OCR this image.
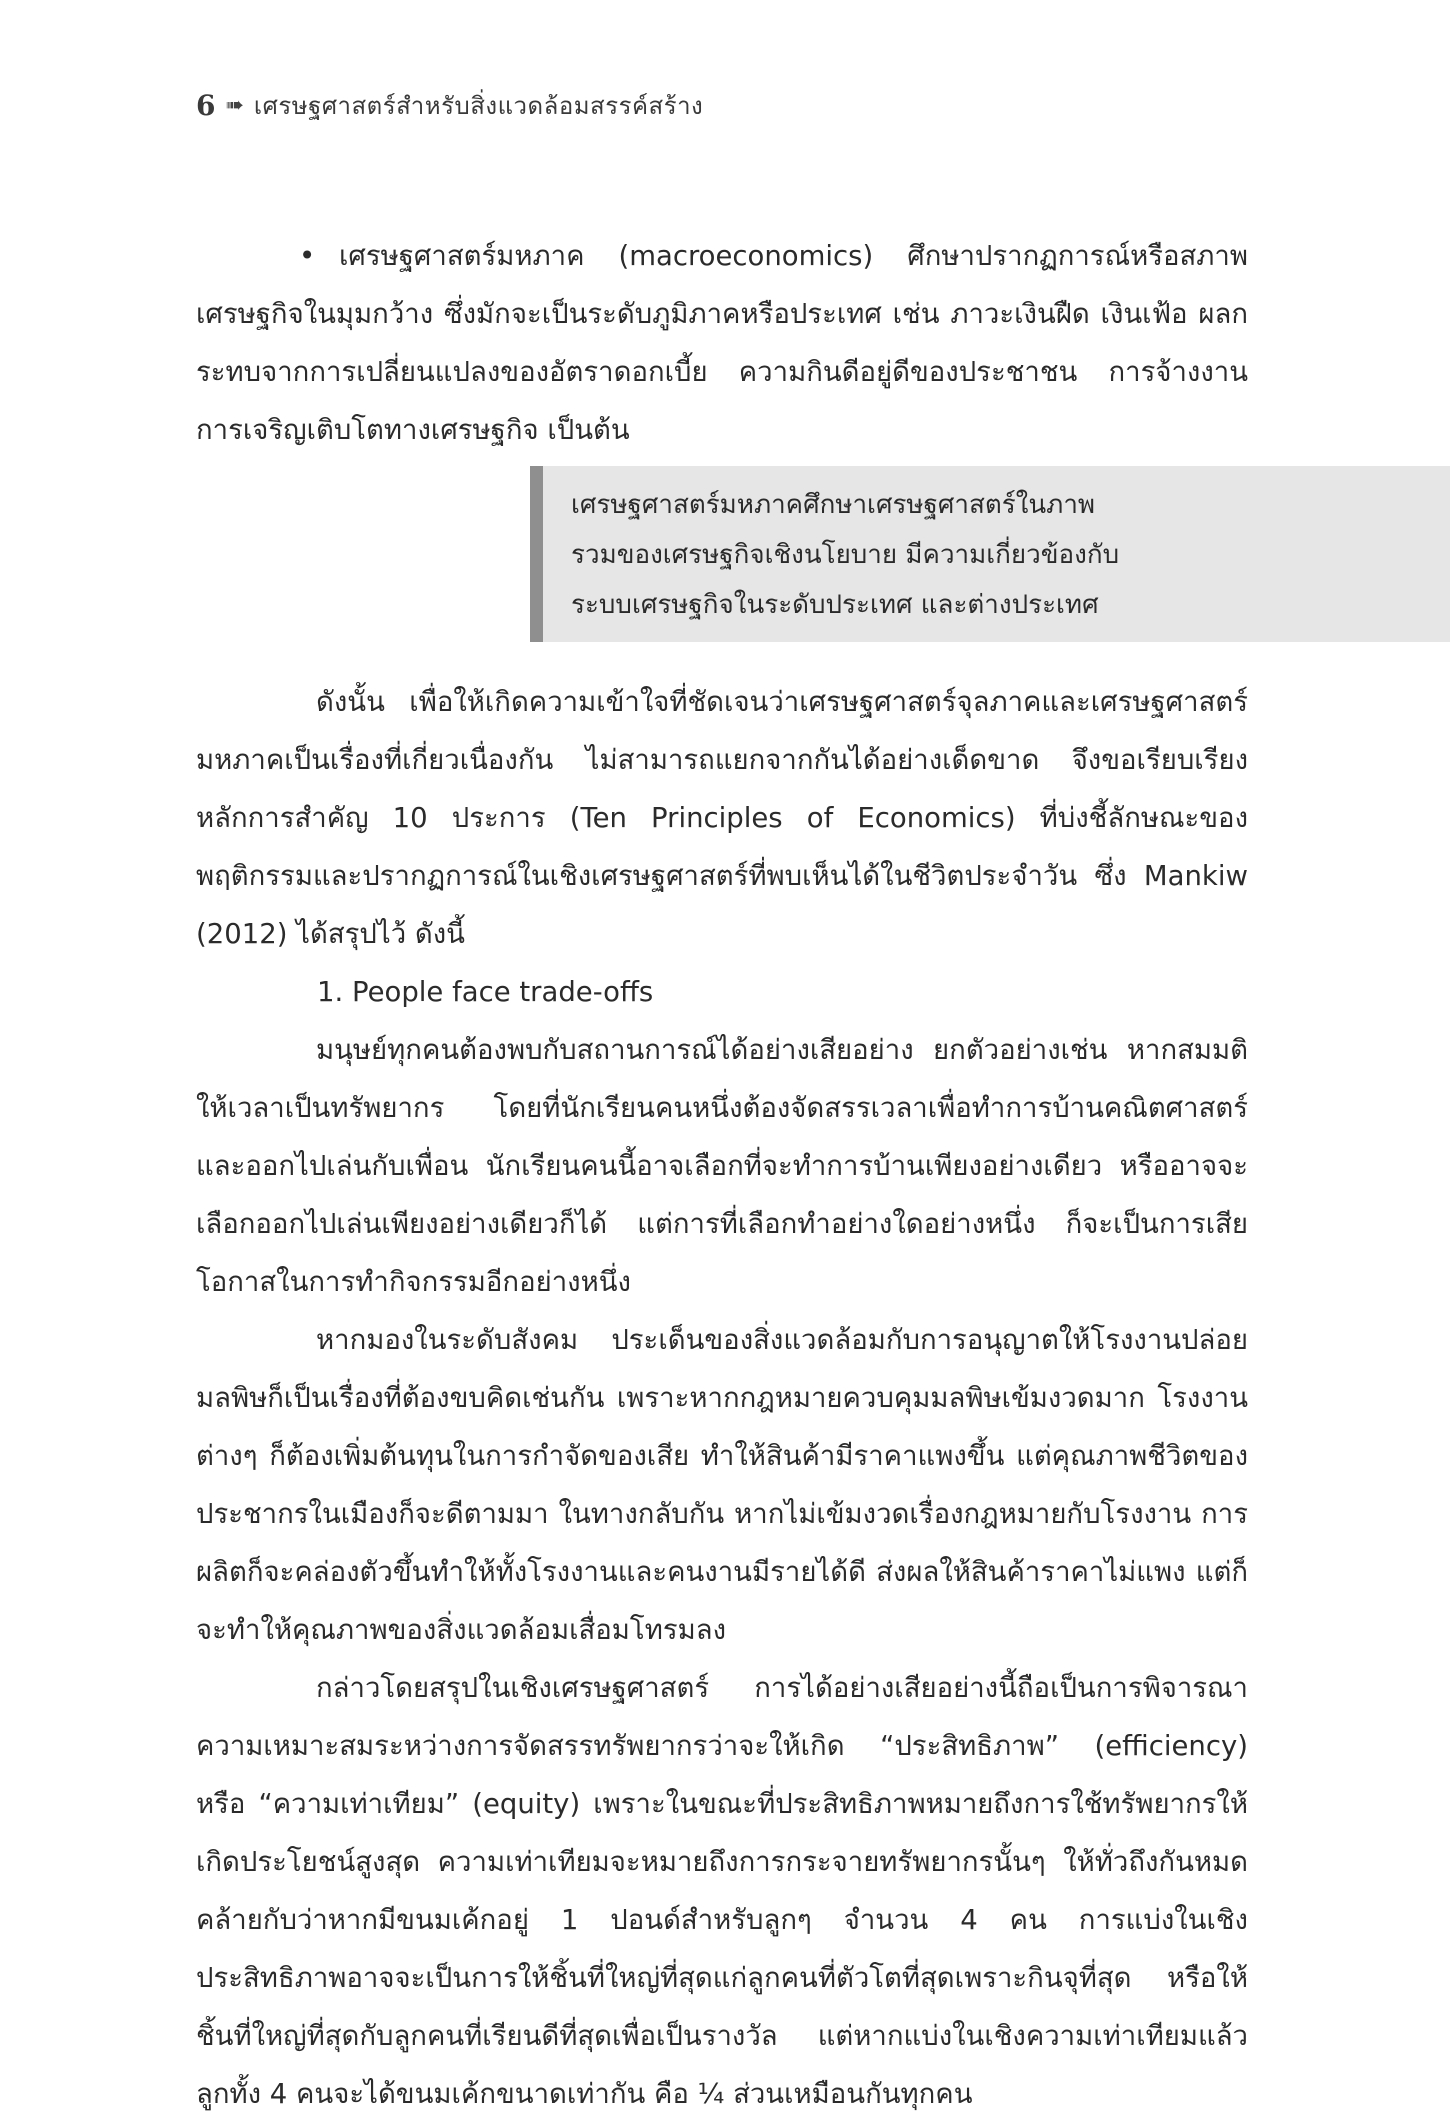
6 ➠ เศรษฐศาสตร์สำหรับสิ่งแวดล้อมสรรค์สร้าง

• เศรษฐศาสตร์มหภาค (macroeconomics) ศึกษาปรากฏการณ์หรือสภาพเศรษฐกิจในมุมกว้าง ซึ่งมักจะเป็นระดับภูมิภาคหรือประเทศ เช่น ภาวะเงินฝืด เงินเฟ้อ ผลกระทบจากการเปลี่ยนแปลงของอัตราดอกเบี้ย ความกินดีอยู่ดีของประชาชน การจ้างงาน การเจริญเติบโตทางเศรษฐกิจ เป็นต้น

เศรษฐศาสตร์มหภาคศึกษาเศรษฐศาสตร์ในภาพรวมของเศรษฐกิจเชิงนโยบาย มีความเกี่ยวข้องกับระบบเศรษฐกิจในระดับประเทศ และต่างประเทศ

ดังนั้น เพื่อให้เกิดความเข้าใจที่ชัดเจนว่าเศรษฐศาสตร์จุลภาคและเศรษฐศาสตร์มหภาคเป็นเรื่องที่เกี่ยวเนื่องกัน ไม่สามารถแยกจากกันได้อย่างเด็ดขาด จึงขอเรียบเรียงหลักการสำคัญ 10 ประการ (Ten Principles of Economics) ที่บ่งชี้ลักษณะของพฤติกรรมและปรากฏการณ์ในเชิงเศรษฐศาสตร์ที่พบเห็นได้ในชีวิตประจำวัน ซึ่ง Mankiw (2012) ได้สรุปไว้ ดังนี้

1. People face trade-offs

มนุษย์ทุกคนต้องพบกับสถานการณ์ได้อย่างเสียอย่าง ยกตัวอย่างเช่น หากสมมติให้เวลาเป็นทรัพยากร โดยที่นักเรียนคนหนึ่งต้องจัดสรรเวลาเพื่อทำการบ้านคณิตศาสตร์และออกไปเล่นกับเพื่อน นักเรียนคนนี้อาจเลือกที่จะทำการบ้านเพียงอย่างเดียว หรืออาจจะเลือกออกไปเล่นเพียงอย่างเดียวก็ได้ แต่การที่เลือกทำอย่างใดอย่างหนึ่ง ก็จะเป็นการเสียโอกาสในการทำกิจกรรมอีกอย่างหนึ่ง

หากมองในระดับสังคม ประเด็นของสิ่งแวดล้อมกับการอนุญาตให้โรงงานปล่อยมลพิษก็เป็นเรื่องที่ต้องขบคิดเช่นกัน เพราะหากกฎหมายควบคุมมลพิษเข้มงวดมาก โรงงานต่างๆ ก็ต้องเพิ่มต้นทุนในการกำจัดของเสีย ทำให้สินค้ามีราคาแพงขึ้น แต่คุณภาพชีวิตของประชากรในเมืองก็จะดีตามมา ในทางกลับกัน หากไม่เข้มงวดเรื่องกฎหมายกับโรงงาน การผลิตก็จะคล่องตัวขึ้นทำให้ทั้งโรงงานและคนงานมีรายได้ดี ส่งผลให้สินค้าราคาไม่แพง แต่ก็จะทำให้คุณภาพของสิ่งแวดล้อมเสื่อมโทรมลง

กล่าวโดยสรุปในเชิงเศรษฐศาสตร์ การได้อย่างเสียอย่างนี้ถือเป็นการพิจารณาความเหมาะสมระหว่างการจัดสรรทรัพยากรว่าจะให้เกิด “ประสิทธิภาพ” (efficiency) หรือ “ความเท่าเทียม” (equity) เพราะในขณะที่ประสิทธิภาพหมายถึงการใช้ทรัพยากรให้เกิดประโยชน์สูงสุด ความเท่าเทียมจะหมายถึงการกระจายทรัพยากรนั้นๆ ให้ทั่วถึงกันหมด คล้ายกับว่าหากมีขนมเค้กอยู่ 1 ปอนด์สำหรับลูกๆ จำนวน 4 คน การแบ่งในเชิงประสิทธิภาพอาจจะเป็นการให้ชิ้นที่ใหญ่ที่สุดแก่ลูกคนที่ตัวโตที่สุดเพราะกินจุที่สุด หรือให้ชิ้นที่ใหญ่ที่สุดกับลูกคนที่เรียนดีที่สุดเพื่อเป็นรางวัล แต่หากแบ่งในเชิงความเท่าเทียมแล้ว ลูกทั้ง 4 คนจะได้ขนมเค้กขนาดเท่ากัน คือ ¼ ส่วนเหมือนกันทุกคน
